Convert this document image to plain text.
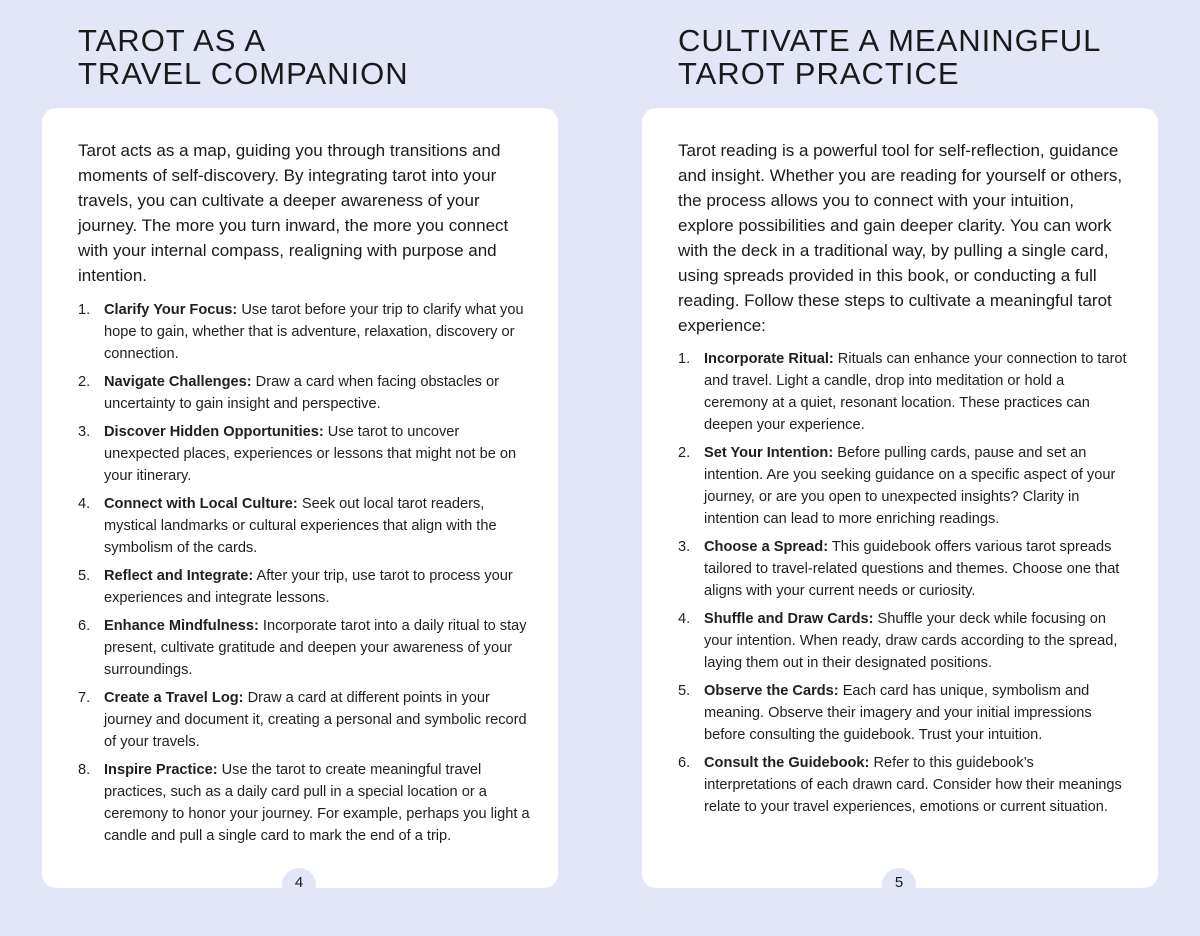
TAROT AS A
TRAVEL COMPANION

Tarot acts as a map, guiding you through transitions and moments of self-discovery. By integrating tarot into your travels, you can cultivate a deeper awareness of your journey. The more you turn inward, the more you connect with your internal compass, realigning with purpose and intention.

1. Clarify Your Focus: Use tarot before your trip to clarify what you hope to gain, whether that is adventure, relaxation, discovery or connection.
2. Navigate Challenges: Draw a card when facing obstacles or uncertainty to gain insight and perspective.
3. Discover Hidden Opportunities: Use tarot to uncover unexpected places, experiences or lessons that might not be on your itinerary.
4. Connect with Local Culture: Seek out local tarot readers, mystical landmarks or cultural experiences that align with the symbolism of the cards.
5. Reflect and Integrate: After your trip, use tarot to process your experiences and integrate lessons.
6. Enhance Mindfulness: Incorporate tarot into a daily ritual to stay present, cultivate gratitude and deepen your awareness of your surroundings.
7. Create a Travel Log: Draw a card at different points in your journey and document it, creating a personal and symbolic record of your travels.
8. Inspire Practice: Use the tarot to create meaningful travel practices, such as a daily card pull in a special location or a ceremony to honor your journey. For example, perhaps you light a candle and pull a single card to mark the end of a trip.
4
CULTIVATE A MEANINGFUL
TAROT PRACTICE

Tarot reading is a powerful tool for self-reflection, guidance and insight. Whether you are reading for yourself or others, the process allows you to connect with your intuition, explore possibilities and gain deeper clarity. You can work with the deck in a traditional way, by pulling a single card, using spreads provided in this book, or conducting a full reading. Follow these steps to cultivate a meaningful tarot experience:

1. Incorporate Ritual: Rituals can enhance your connection to tarot and travel. Light a candle, drop into meditation or hold a ceremony at a quiet, resonant location. These practices can deepen your experience.
2. Set Your Intention: Before pulling cards, pause and set an intention. Are you seeking guidance on a specific aspect of your journey, or are you open to unexpected insights? Clarity in intention can lead to more enriching readings.
3. Choose a Spread: This guidebook offers various tarot spreads tailored to travel-related questions and themes. Choose one that aligns with your current needs or curiosity.
4. Shuffle and Draw Cards: Shuffle your deck while focusing on your intention. When ready, draw cards according to the spread, laying them out in their designated positions.
5. Observe the Cards: Each card has unique, symbolism and meaning. Observe their imagery and your initial impressions before consulting the guidebook. Trust your intuition.
6. Consult the Guidebook: Refer to this guidebook’s interpretations of each drawn card. Consider how their meanings relate to your travel experiences, emotions or current situation.
5
